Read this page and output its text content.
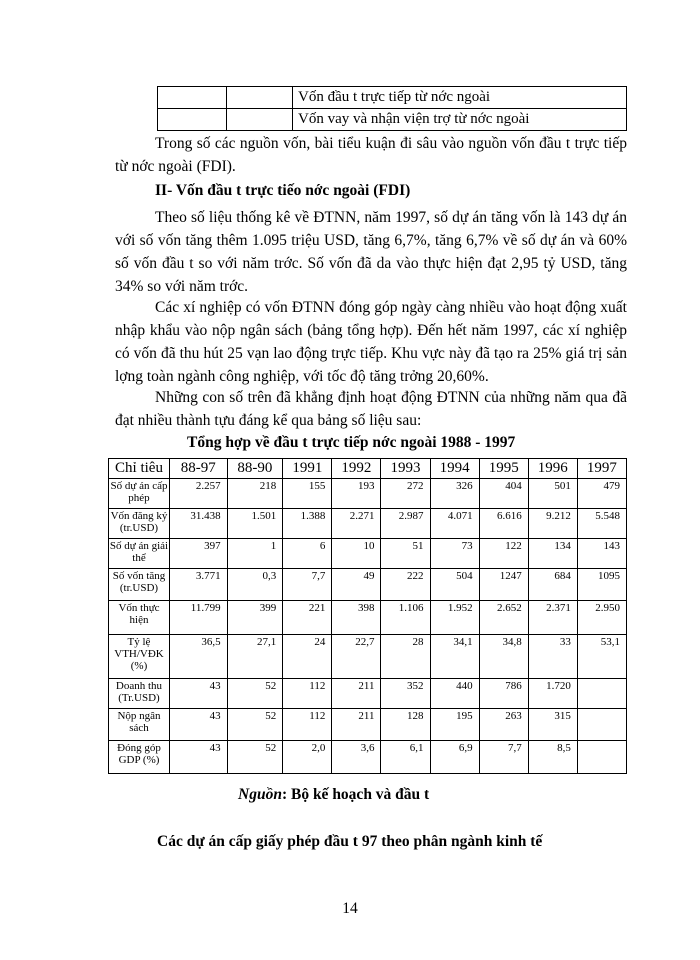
		Vốn đầu t trực tiếp từ nớc ngoài
		Vốn vay và nhận viện trợ từ nớc ngoài

Trong số các nguồn vốn, bài tiểu kuận đi sâu vào nguồn vốn đầu t trực tiếp từ nớc ngoài (FDI).

II- Vốn đầu t trực tiếo nớc ngoài (FDI)

Theo số liệu thống kê về ĐTNN, năm 1997, số dự án tăng vốn là 143 dự án với số vốn tăng thêm 1.095 triệu USD, tăng 6,7%, tăng 6,7% về số dự án và 60% số vốn đầu t so với năm trớc. Số vốn đã da vào thực hiện đạt 2,95 tỷ USD, tăng 34% so với năm trớc.

Các xí nghiệp có vốn ĐTNN đóng góp ngày càng nhiều vào hoạt động xuất nhập khẩu vào nộp ngân sách (bảng tổng hợp). Đến hết năm 1997, các xí nghiệp có vốn đã thu hút 25 vạn lao động trực tiếp. Khu vực này đã tạo ra 25% giá trị sản lợng toàn ngành công nghiệp, với tốc độ tăng trởng 20,60%.

Những con số trên đã khẳng định hoạt động ĐTNN của những năm qua đã đạt nhiều thành tựu đáng kể qua bảng số liệu sau:

Tổng hợp về đầu t trực tiếp nớc ngoài 1988 - 1997

Chỉ tiêu	88-97	88-90	1991	1992	1993	1994	1995	1996	1997
Số dự án cấp phép	2.257	218	155	193	272	326	404	501	479
Vốn đăng ký (tr.USD)	31.438	1.501	1.388	2.271	2.987	4.071	6.616	9.212	5.548
Số dự án giải thể	397	1	6	10	51	73	122	134	143
Số vốn tăng (tr.USD)	3.771	0,3	7,7	49	222	504	1247	684	1095
Vốn thực hiện	11.799	399	221	398	1.106	1.952	2.652	2.371	2.950
Tỷ lệ VTH/VĐK (%)	36,5	27,1	24	22,7	28	34,1	34,8	33	53,1
Doanh thu (Tr.USD)	43	52	112	211	352	440	786	1.720	
Nộp ngân sách	43	52	112	211	128	195	263	315	
Đóng góp GDP (%)	43	52	2,0	3,6	6,1	6,9	7,7	8,5	

Nguồn: Bộ kế hoạch và đầu t

Các dự án cấp giấy phép đầu t 97 theo phân ngành kinh tế

14
